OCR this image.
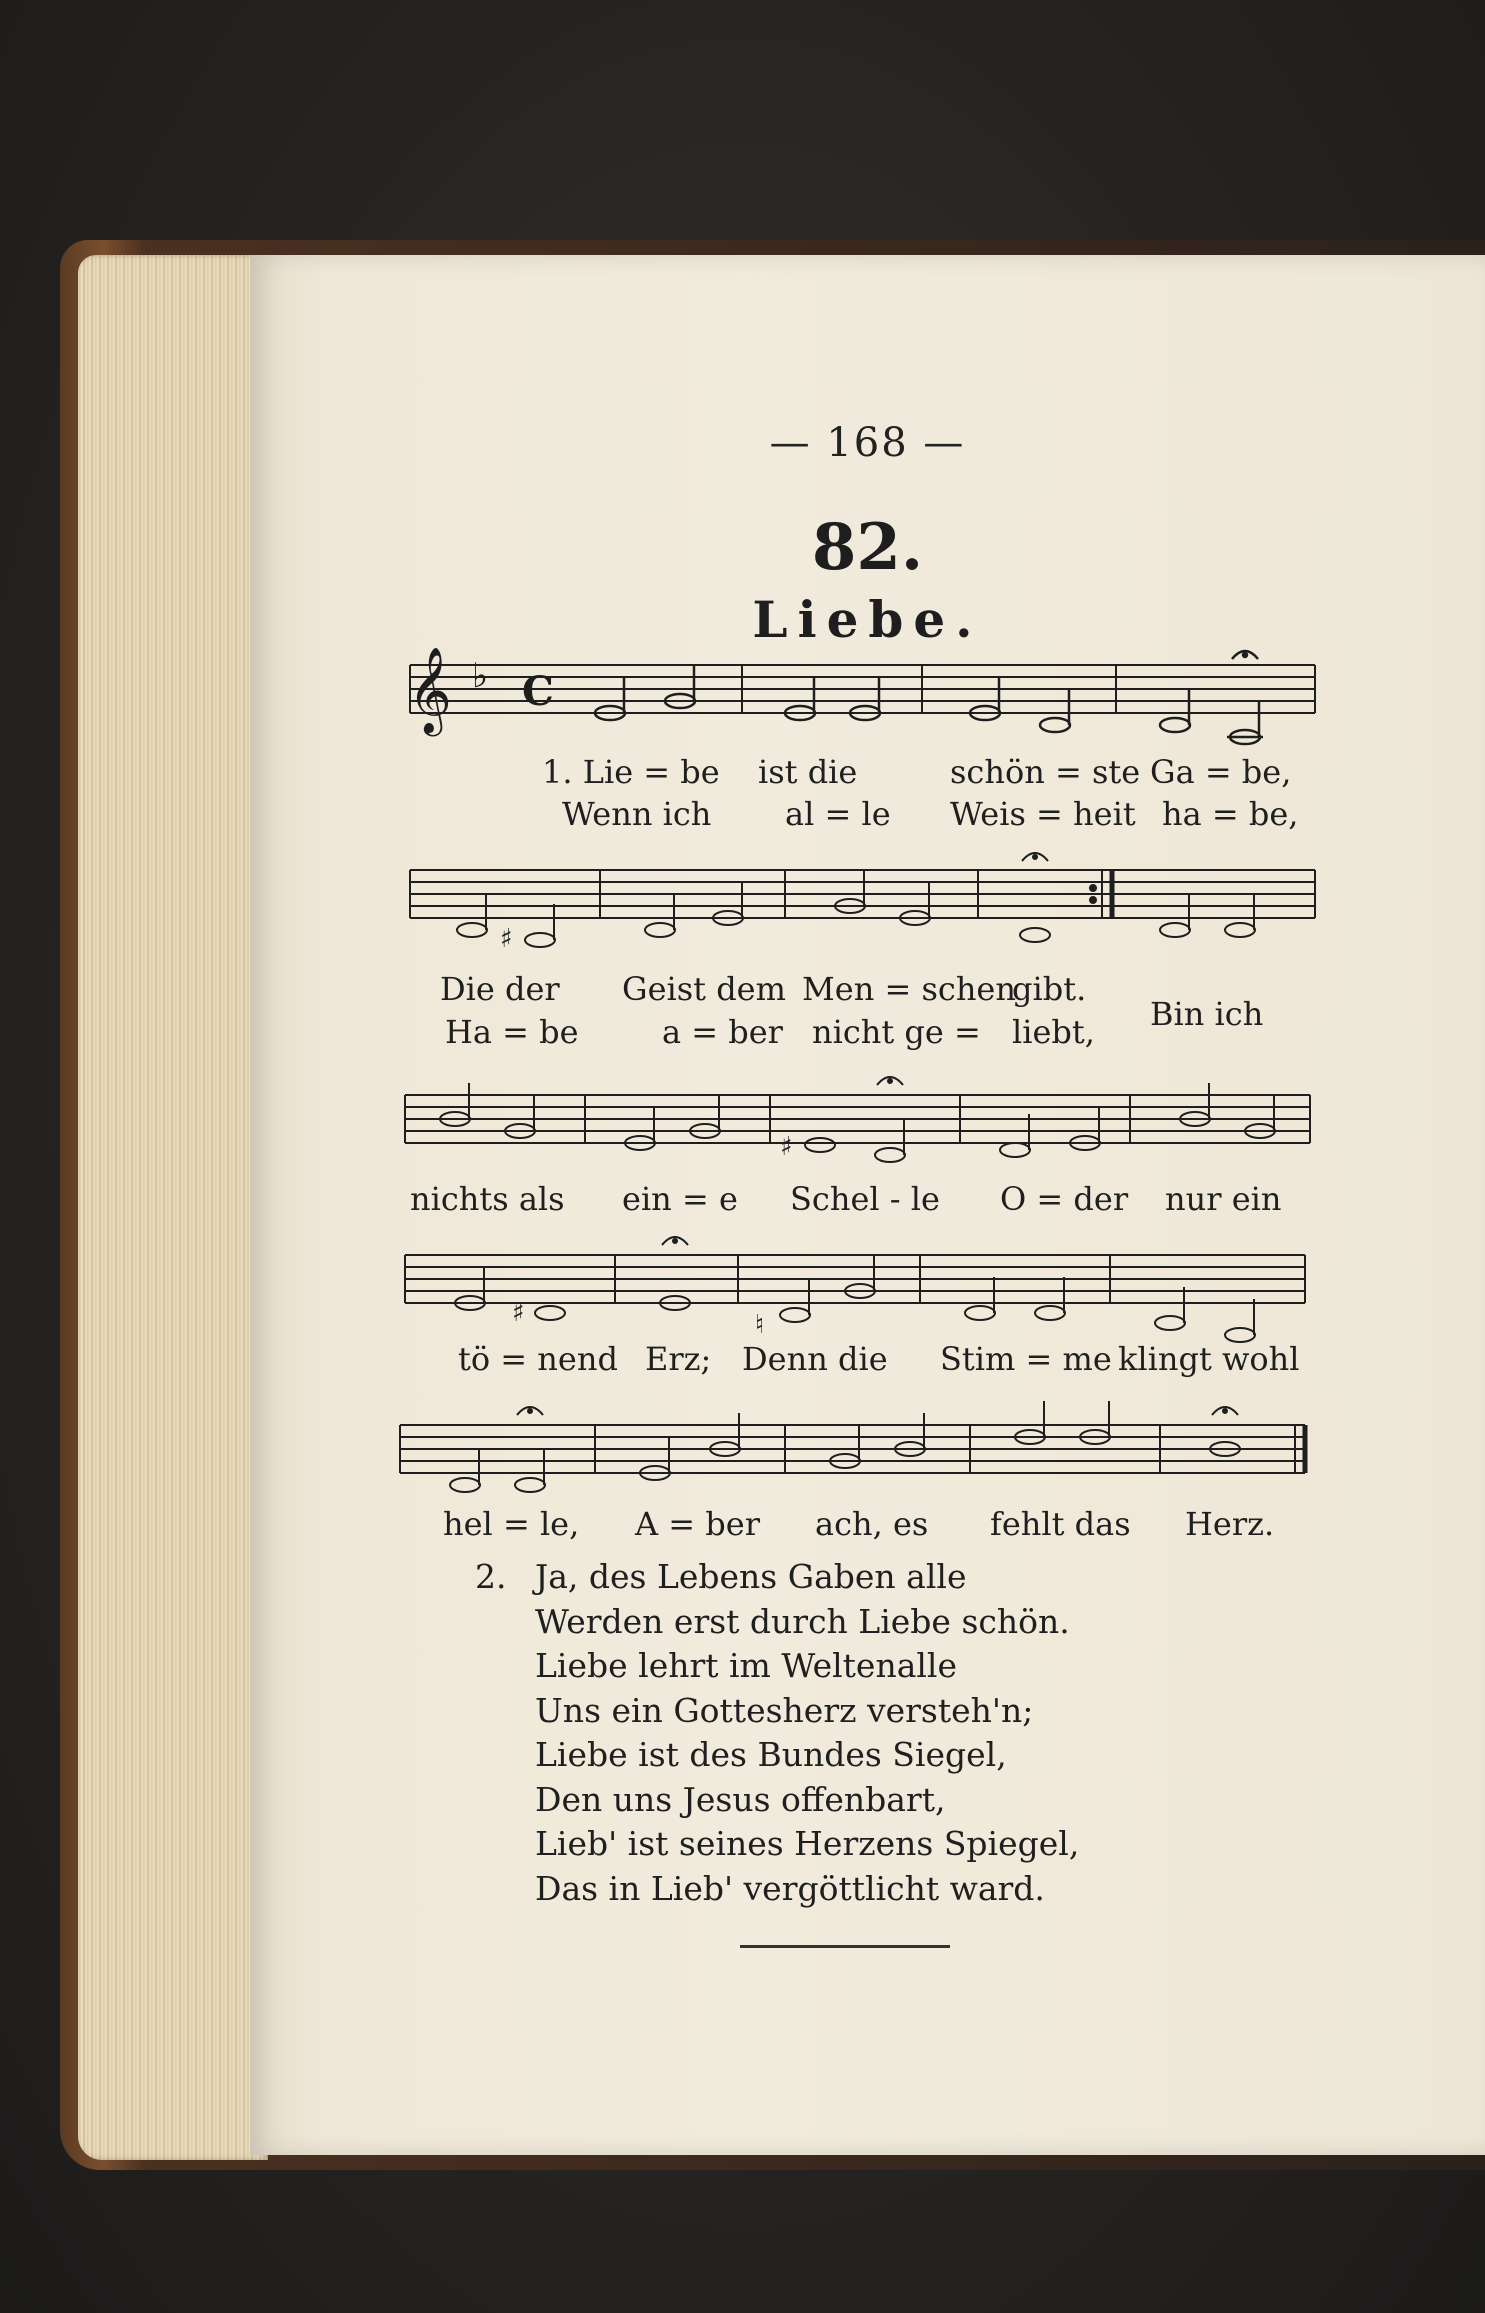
— 168 —
82.
Liebe.
𝄞 ♭ C
♯
♯
♯	♮
1. Lie = be ist die	schön = ste Ga = be,
Wenn ich al = le Weis = heit ha = be,
Die der Geist dem Men = schen
gibt.
Ha = be	a = ber nicht ge = liebt, Bin ich
nichts als ein = e Schel - le O = der nur ein
tö = nend Erz; Denn die Stim = me klingt wohl
hel = le, A = ber ach, es fehlt das Herz.
2. Ja, des Lebens Gaben alle
Werden erst durch Liebe schön.
Liebe lehrt im Weltenalle
Uns ein Gottesherz versteh'n;
Liebe ist des Bundes Siegel,
Den uns Jesus offenbart,
Lieb' ist seines Herzens Spiegel,
Das in Lieb' vergöttlicht ward.
